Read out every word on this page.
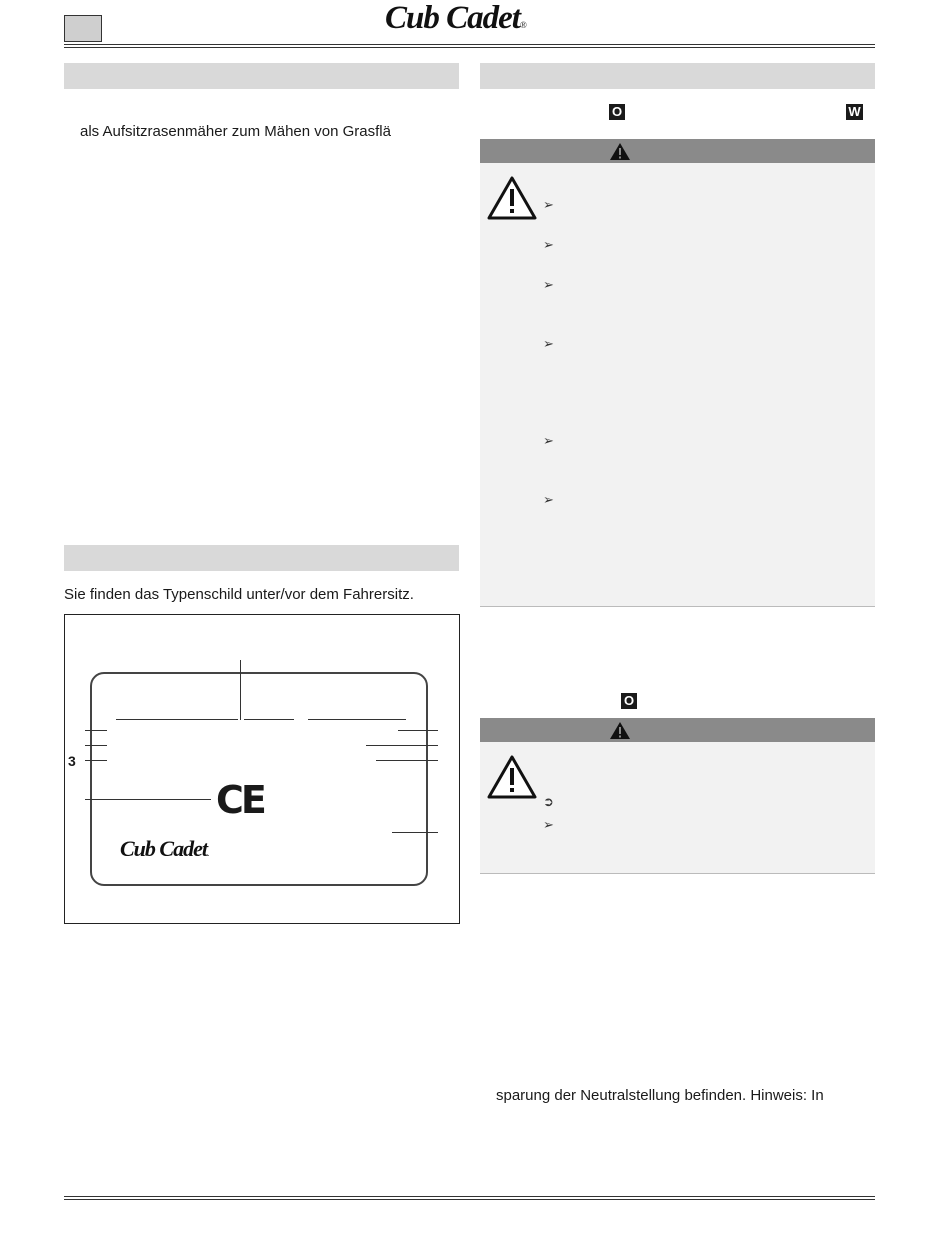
Cub Cadet®
als Aufsitzrasenmäher zum Mähen von Grasflä
Sie finden das Typenschild unter/vor dem Fahrersitz.
3
CE
Cub Cadet.
O	W
➢
➢
➢
➢
➢
➢
O
➲
➢
sparung der Neutralstellung befinden. Hinweis: In
